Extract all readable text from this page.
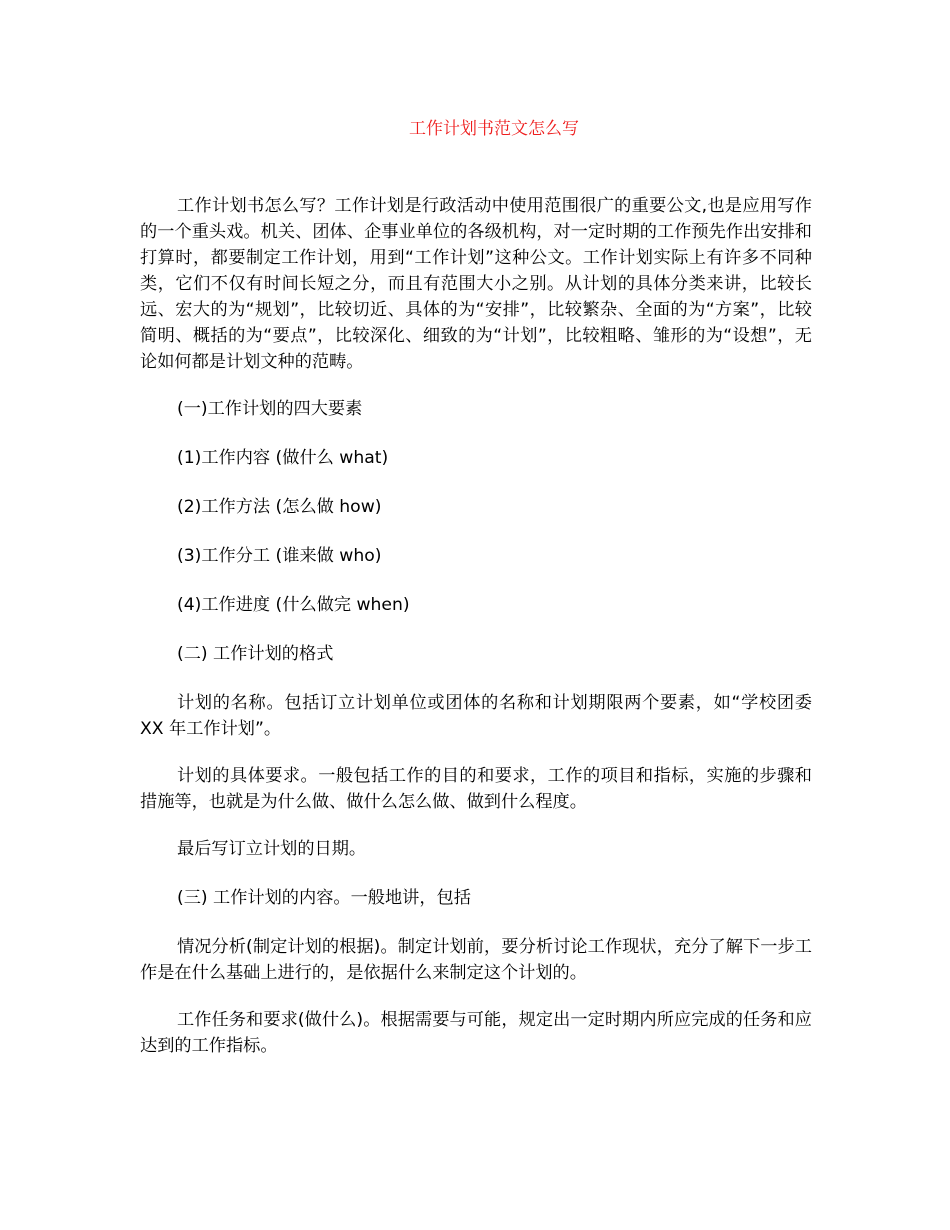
工作计划书范文怎么写

工作计划书怎么写？工作计划是行政活动中使用范围很广的重要公文,也是应用写作的一个重头戏。机关、团体、企事业单位的各级机构，对一定时期的工作预先作出安排和打算时，都要制定工作计划，用到“工作计划”这种公文。工作计划实际上有许多不同种类，它们不仅有时间长短之分，而且有范围大小之别。从计划的具体分类来讲，比较长远、宏大的为“规划”，比较切近、具体的为“安排”，比较繁杂、全面的为“方案”，比较简明、概括的为“要点”，比较深化、细致的为“计划”，比较粗略、雏形的为“设想”，无论如何都是计划文种的范畴。

(一)工作计划的四大要素

(1)工作内容 (做什么 what)

(2)工作方法 (怎么做 how)

(3)工作分工 (谁来做 who)

(4)工作进度 (什么做完 when)

(二) 工作计划的格式

计划的名称。包括订立计划单位或团体的名称和计划期限两个要素，如“学校团委 XX 年工作计划”。

计划的具体要求。一般包括工作的目的和要求，工作的项目和指标，实施的步骤和措施等，也就是为什么做、做什么怎么做、做到什么程度。

最后写订立计划的日期。

(三) 工作计划的内容。一般地讲，包括

情况分析(制定计划的根据)。制定计划前，要分析讨论工作现状，充分了解下一步工作是在什么基础上进行的，是依据什么来制定这个计划的。

工作任务和要求(做什么)。根据需要与可能，规定出一定时期内所应完成的任务和应达到的工作指标。
